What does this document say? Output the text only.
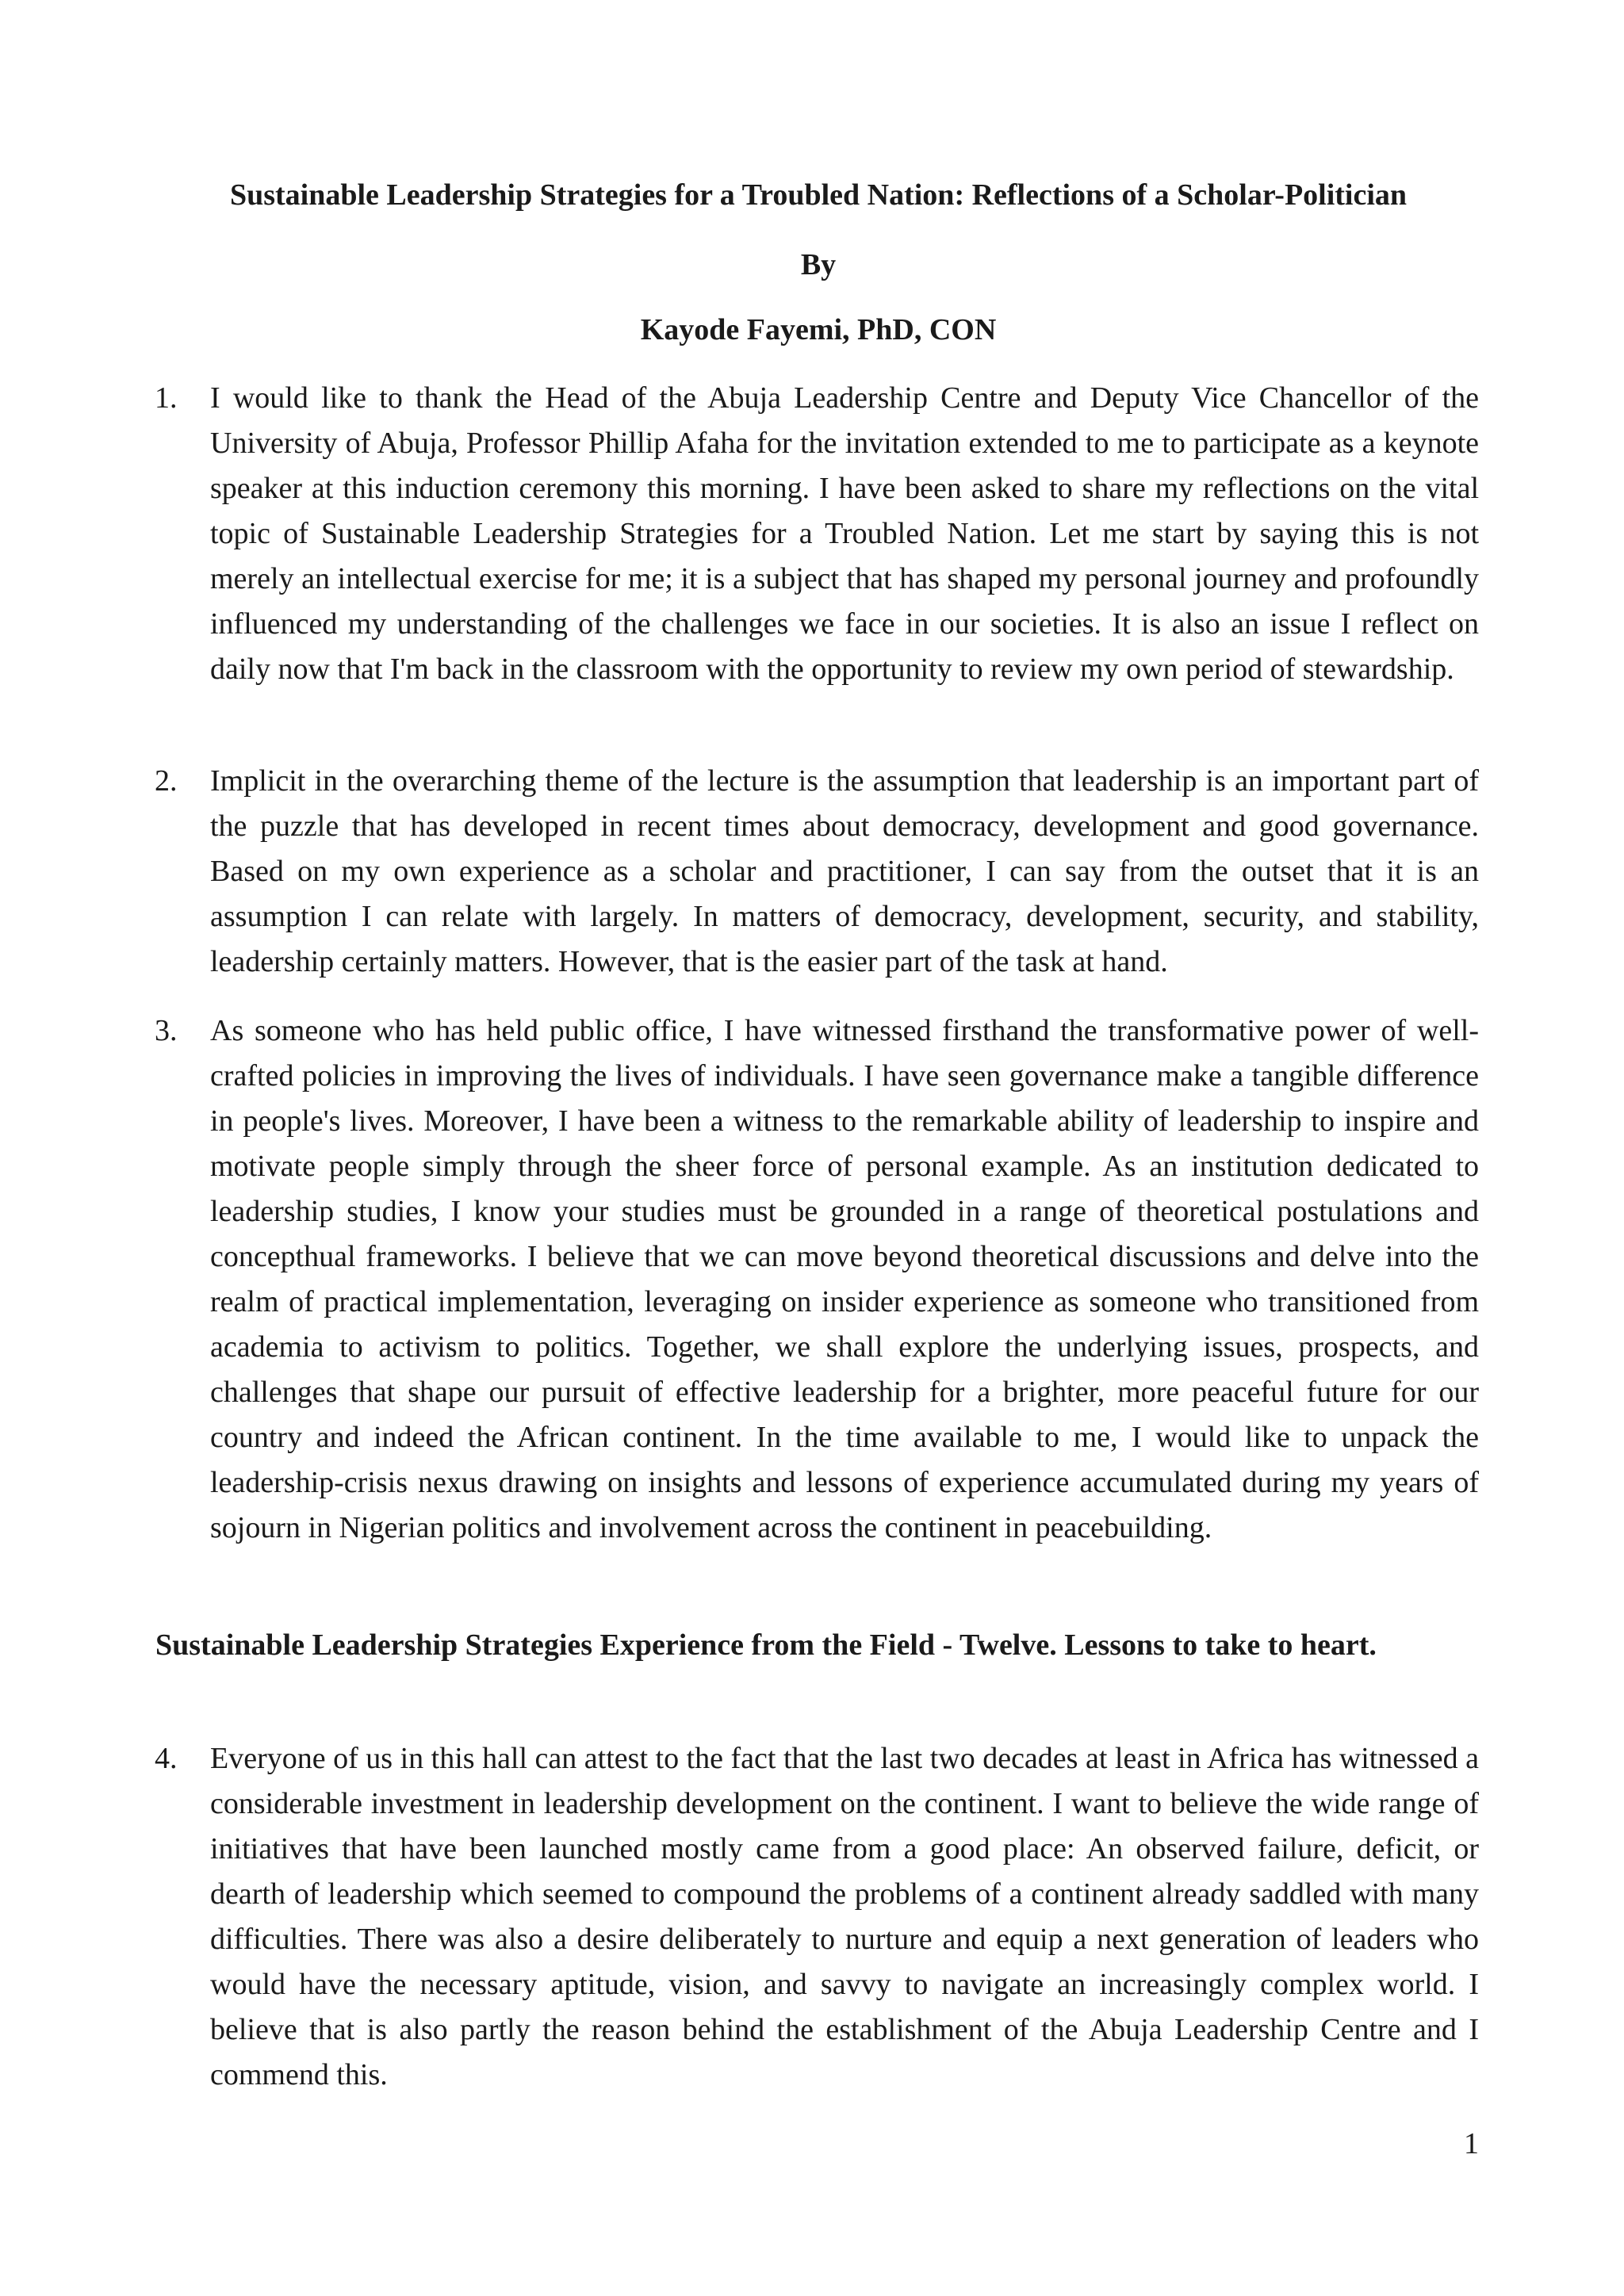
Sustainable Leadership Strategies for a Troubled Nation: Reflections of a Scholar-Politician

By

Kayode Fayemi, PhD, CON

1. I would like to thank the Head of the Abuja Leadership Centre and Deputy Vice Chancellor of the University of Abuja, Professor Phillip Afaha for the invitation extended to me to participate as a keynote speaker at this induction ceremony this morning. I have been asked to share my reflections on the vital topic of Sustainable Leadership Strategies for a Troubled Nation. Let me start by saying this is not merely an intellectual exercise for me; it is a subject that has shaped my personal journey and profoundly influenced my understanding of the challenges we face in our societies. It is also an issue I reflect on daily now that I'm back in the classroom with the opportunity to review my own period of stewardship.
2. Implicit in the overarching theme of the lecture is the assumption that leadership is an important part of the puzzle that has developed in recent times about democracy, development and good governance. Based on my own experience as a scholar and practitioner, I can say from the outset that it is an assumption I can relate with largely. In matters of democracy, development, security, and stability, leadership certainly matters. However, that is the easier part of the task at hand.
3. As someone who has held public office, I have witnessed firsthand the transformative power of well-crafted policies in improving the lives of individuals. I have seen governance make a tangible difference in people's lives. Moreover, I have been a witness to the remarkable ability of leadership to inspire and motivate people simply through the sheer force of personal example. As an institution dedicated to leadership studies, I know your studies must be grounded in a range of theoretical postulations and concepthual frameworks. I believe that we can move beyond theoretical discussions and delve into the realm of practical implementation, leveraging on insider experience as someone who transitioned from academia to activism to politics. Together, we shall explore the underlying issues, prospects, and challenges that shape our pursuit of effective leadership for a brighter, more peaceful future for our country and indeed the African continent. In the time available to me, I would like to unpack the leadership-crisis nexus drawing on insights and lessons of experience accumulated during my years of sojourn in Nigerian politics and involvement across the continent in peacebuilding.
Sustainable Leadership Strategies Experience from the Field - Twelve. Lessons to take to heart.
4. Everyone of us in this hall can attest to the fact that the last two decades at least in Africa has witnessed a considerable investment in leadership development on the continent. I want to believe the wide range of initiatives that have been launched mostly came from a good place: An observed failure, deficit, or dearth of leadership which seemed to compound the problems of a continent already saddled with many difficulties. There was also a desire deliberately to nurture and equip a next generation of leaders who would have the necessary aptitude, vision, and savvy to navigate an increasingly complex world. I believe that is also partly the reason behind the establishment of the Abuja Leadership Centre and I commend this.
1
